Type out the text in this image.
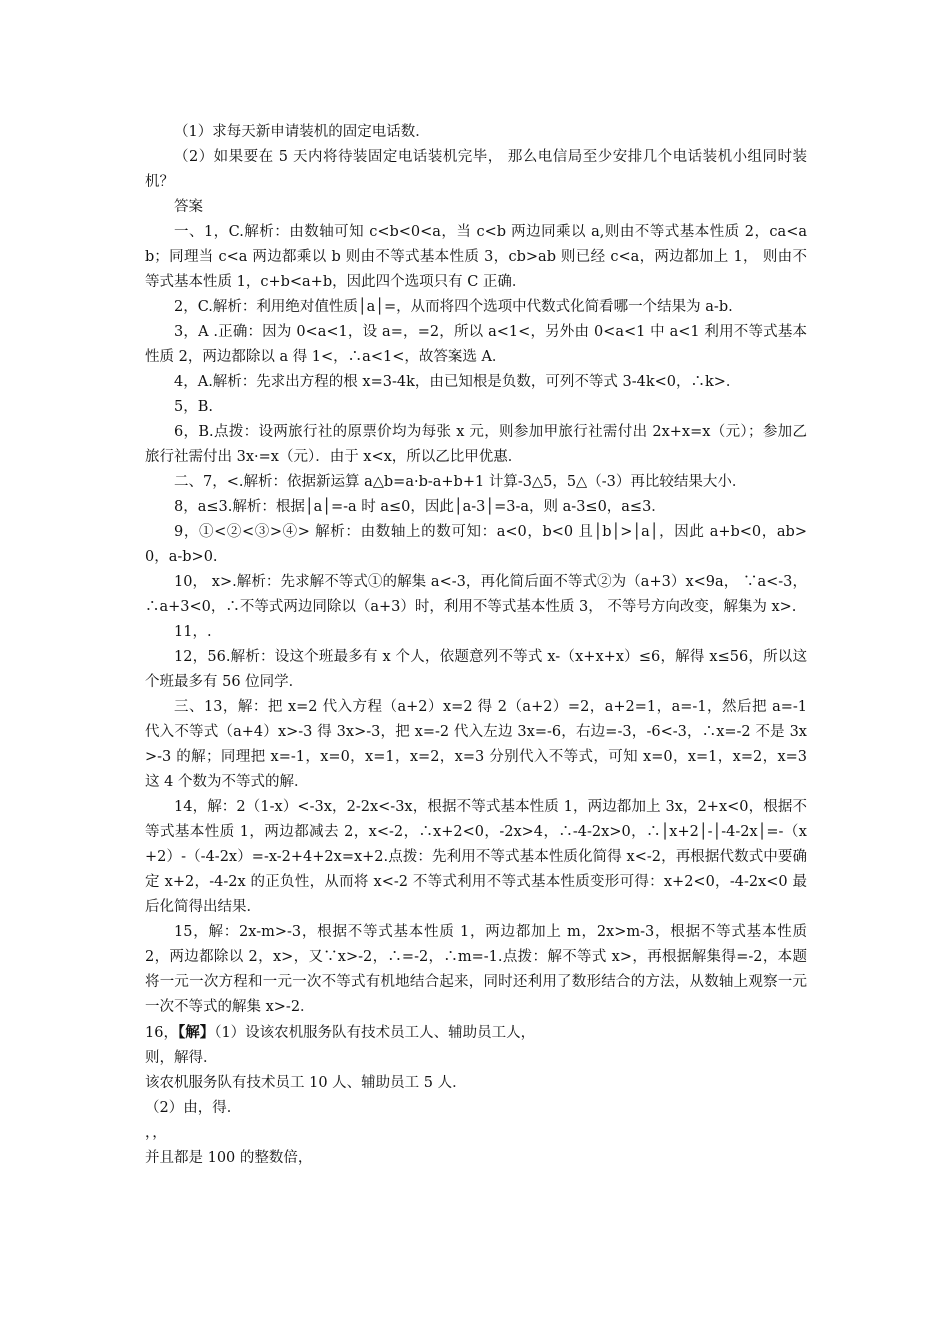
（1）求每天新申请装机的固定电话数．

（2）如果要在 5 天内将待装固定电话装机完毕， 那么电信局至少安排几个电话装机小组同时装机？

答案

一、1，C.解析：由数轴可知 c<b<0<a，当 c<b 两边同乘以 a,则由不等式基本性质 2，ca<ab；同理当 c<a 两边都乘以 b 则由不等式基本性质 3，cb>ab 则已经 c<a，两边都加上 1， 则由不等式基本性质 1，c+b<a+b，因此四个选项只有 C 正确．

2，C.解析：利用绝对值性质│a│=，从而将四个选项中代数式化简看哪一个结果为 a-b.

3，A .正确：因为 0<a<1，设 a=，=2，所以 a<1<，另外由 0<a<1 中 a<1 利用不等式基本性质 2，两边都除以 a 得 1<，∴a<1<，故答案选 A．

4，A.解析：先求出方程的根 x=3-4k，由已知根是负数，可列不等式 3-4k<0，∴k>．

5，B.

6，B.点拨：设两旅行社的原票价均为每张 x 元，则参加甲旅行社需付出 2x+x=x（元）；参加乙旅行社需付出 3x·=x（元）．由于 x<x，所以乙比甲优惠．

二、7，<.解析：依据新运算 a△b=a·b-a+b+1 计算-3△5，5△（-3）再比较结果大小．

8，a≤3.解析：根据│a│=-a 时 a≤0，因此│a-3│=3-a，则 a-3≤0，a≤3．

9，①<②<③>④> 解析：由数轴上的数可知：a<0，b<0 且│b│>│a│，因此 a+b<0，ab>0，a-b>0.

10， x>.解析：先求解不等式①的解集 a<-3，再化简后面不等式②为（a+3）x<9a， ∵a<-3，∴a+3<0，∴不等式两边同除以（a+3）时，利用不等式基本性质 3， 不等号方向改变，解集为 x>.

11，.

12，56.解析：设这个班最多有 x 个人，依题意列不等式 x-（x+x+x）≤6，解得 x≤56，所以这个班最多有 56 位同学．

三、13，解：把 x=2 代入方程（a+2）x=2 得 2（a+2）=2，a+2=1，a=-1，然后把 a=-1 代入不等式（a+4）x>-3 得 3x>-3，把 x=-2 代入左边 3x=-6，右边=-3，-6<-3，∴x=-2 不是 3x>-3 的解；同理把 x=-1，x=0，x=1，x=2，x=3 分别代入不等式，可知 x=0，x=1，x=2，x=3 这 4 个数为不等式的解．

14，解：2（1-x）<-3x，2-2x<-3x，根据不等式基本性质 1，两边都加上 3x，2+x<0，根据不等式基本性质 1，两边都减去 2，x<-2，∴x+2<0，-2x>4，∴-4-2x>0，∴│x+2│-│-4-2x│=-（x+2）-（-4-2x）=-x-2+4+2x=x+2.点拨：先利用不等式基本性质化简得 x<-2，再根据代数式中要确定 x+2，-4-2x 的正负性，从而将 x<-2 不等式利用不等式基本性质变形可得：x+2<0，-4-2x<0 最后化简得出结果．

15，解：2x-m>-3，根据不等式基本性质 1，两边都加上 m，2x>m-3，根据不等式基本性质 2，两边都除以 2，x>，又∵x>-2，∴=-2，∴m=-1.点拨：解不等式 x>，再根据解集得=-2，本题将一元一次方程和一元一次不等式有机地结合起来，同时还利用了数形结合的方法，从数轴上观察一元一次不等式的解集 x>-2．

16，【解】（1）设该农机服务队有技术员工人、辅助员工人，

则，解得．

该农机服务队有技术员工 10 人、辅助员工 5 人．

（2）由，得．

，，

并且都是 100 的整数倍，
